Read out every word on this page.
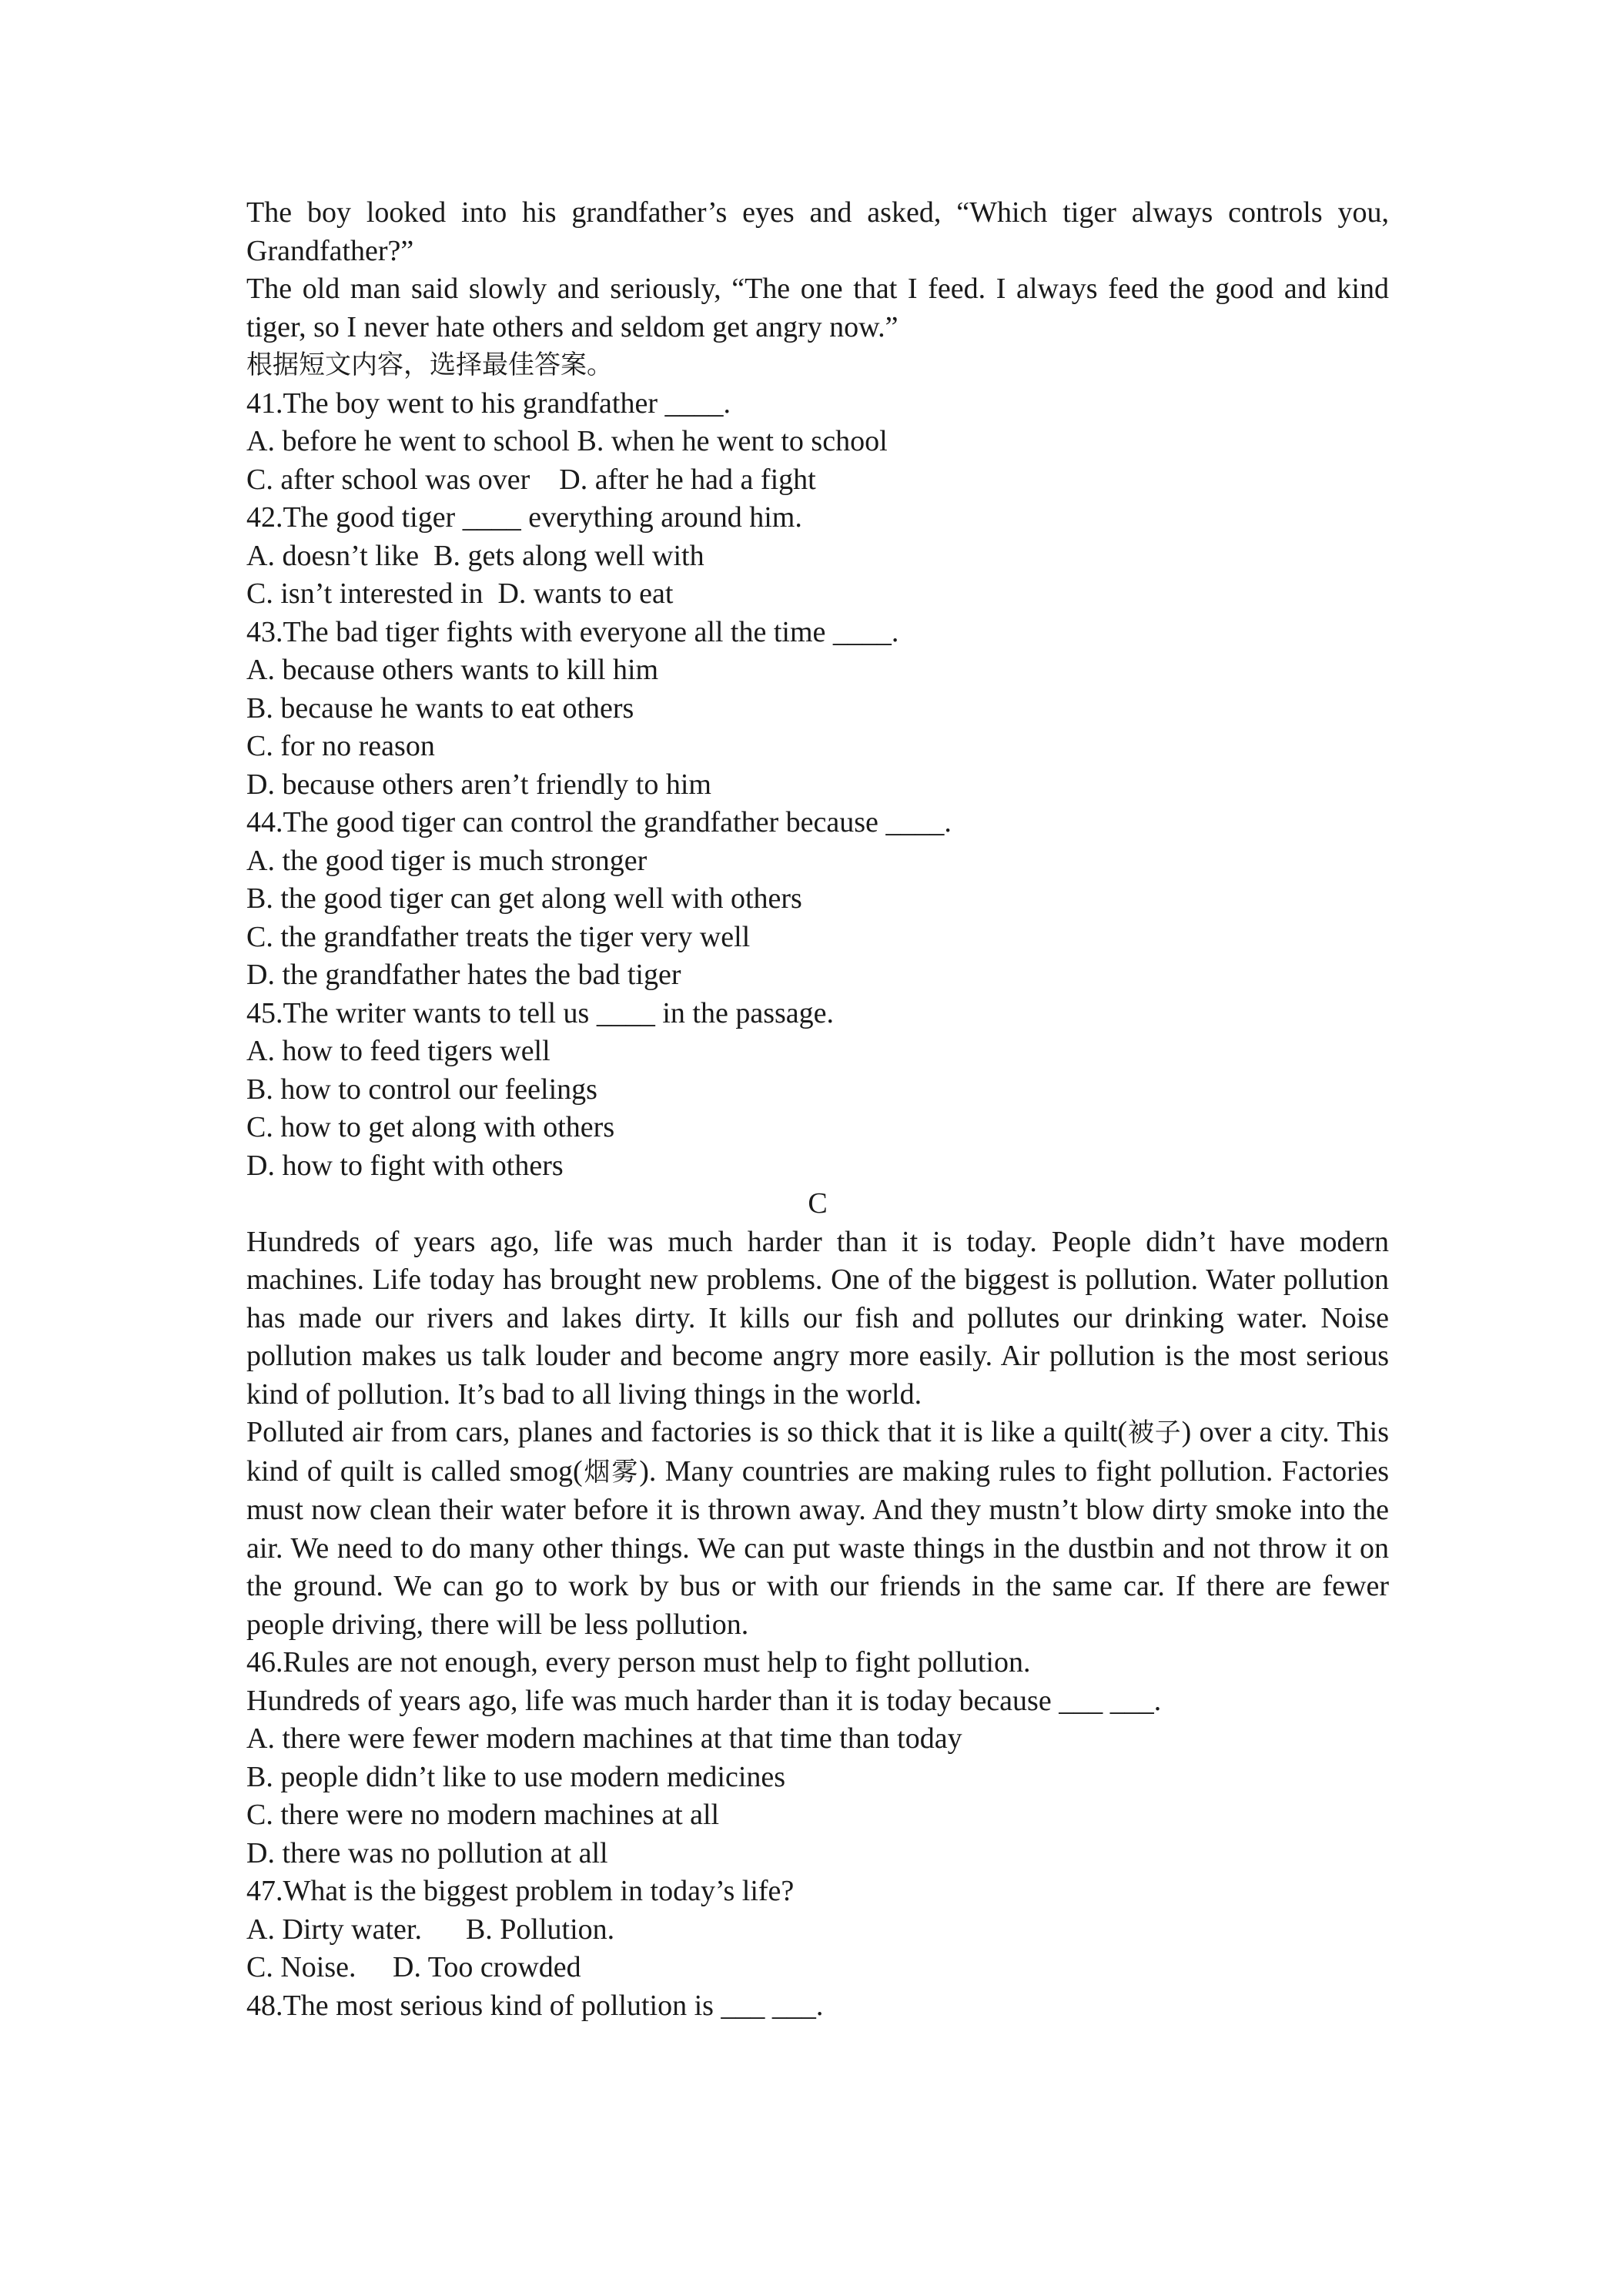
The boy looked into his grandfather’s eyes and asked, “Which tiger always controls you, Grandfather?”

The old man said slowly and seriously, “The one that I feed. I always feed the good and kind tiger, so I never hate others and seldom get angry now.”

根据短文内容，选择最佳答案。

41.The boy went to his grandfather ____.

A. before he went to school B. when he went to school

C. after school was over    D. after he had a fight

42.The good tiger ____ everything around him.

A. doesn’t like  B. gets along well with

C. isn’t interested in  D. wants to eat

43.The bad tiger fights with everyone all the time ____.

A. because others wants to kill him

B. because he wants to eat others

C. for no reason

D. because others aren’t friendly to him

44.The good tiger can control the grandfather because ____.

A. the good tiger is much stronger

B. the good tiger can get along well with others

C. the grandfather treats the tiger very well

D. the grandfather hates the bad tiger

45.The writer wants to tell us ____ in the passage.

A. how to feed tigers well

B. how to control our feelings

C. how to get along with others

D. how to fight with others

C

Hundreds of years ago, life was much harder than it is today. People didn’t have modern machines. Life today has brought new problems. One of the biggest is pollution. Water pollution has made our rivers and lakes dirty. It kills our fish and pollutes our drinking water. Noise pollution makes us talk louder and become angry more easily. Air pollution is the most serious kind of pollution. It’s bad to all living things in the world.

Polluted air from cars, planes and factories is so thick that it is like a quilt(被子) over a city. This kind of quilt is called smog(烟雾). Many countries are making rules to fight pollution. Factories must now clean their water before it is thrown away. And they mustn’t blow dirty smoke into the air. We need to do many other things. We can put waste things in the dustbin and not throw it on the ground. We can go to work by bus or with our friends in the same car. If there are fewer people driving, there will be less pollution.

46.Rules are not enough, every person must help to fight pollution.

Hundreds of years ago, life was much harder than it is today because ___ ___.

A. there were fewer modern machines at that time than today

B. people didn’t like to use modern medicines

C. there were no modern machines at all

D. there was no pollution at all

47.What is the biggest problem in today’s life?

A. Dirty water.      B. Pollution.

C. Noise.     D. Too crowded

48.The most serious kind of pollution is ___ ___.
